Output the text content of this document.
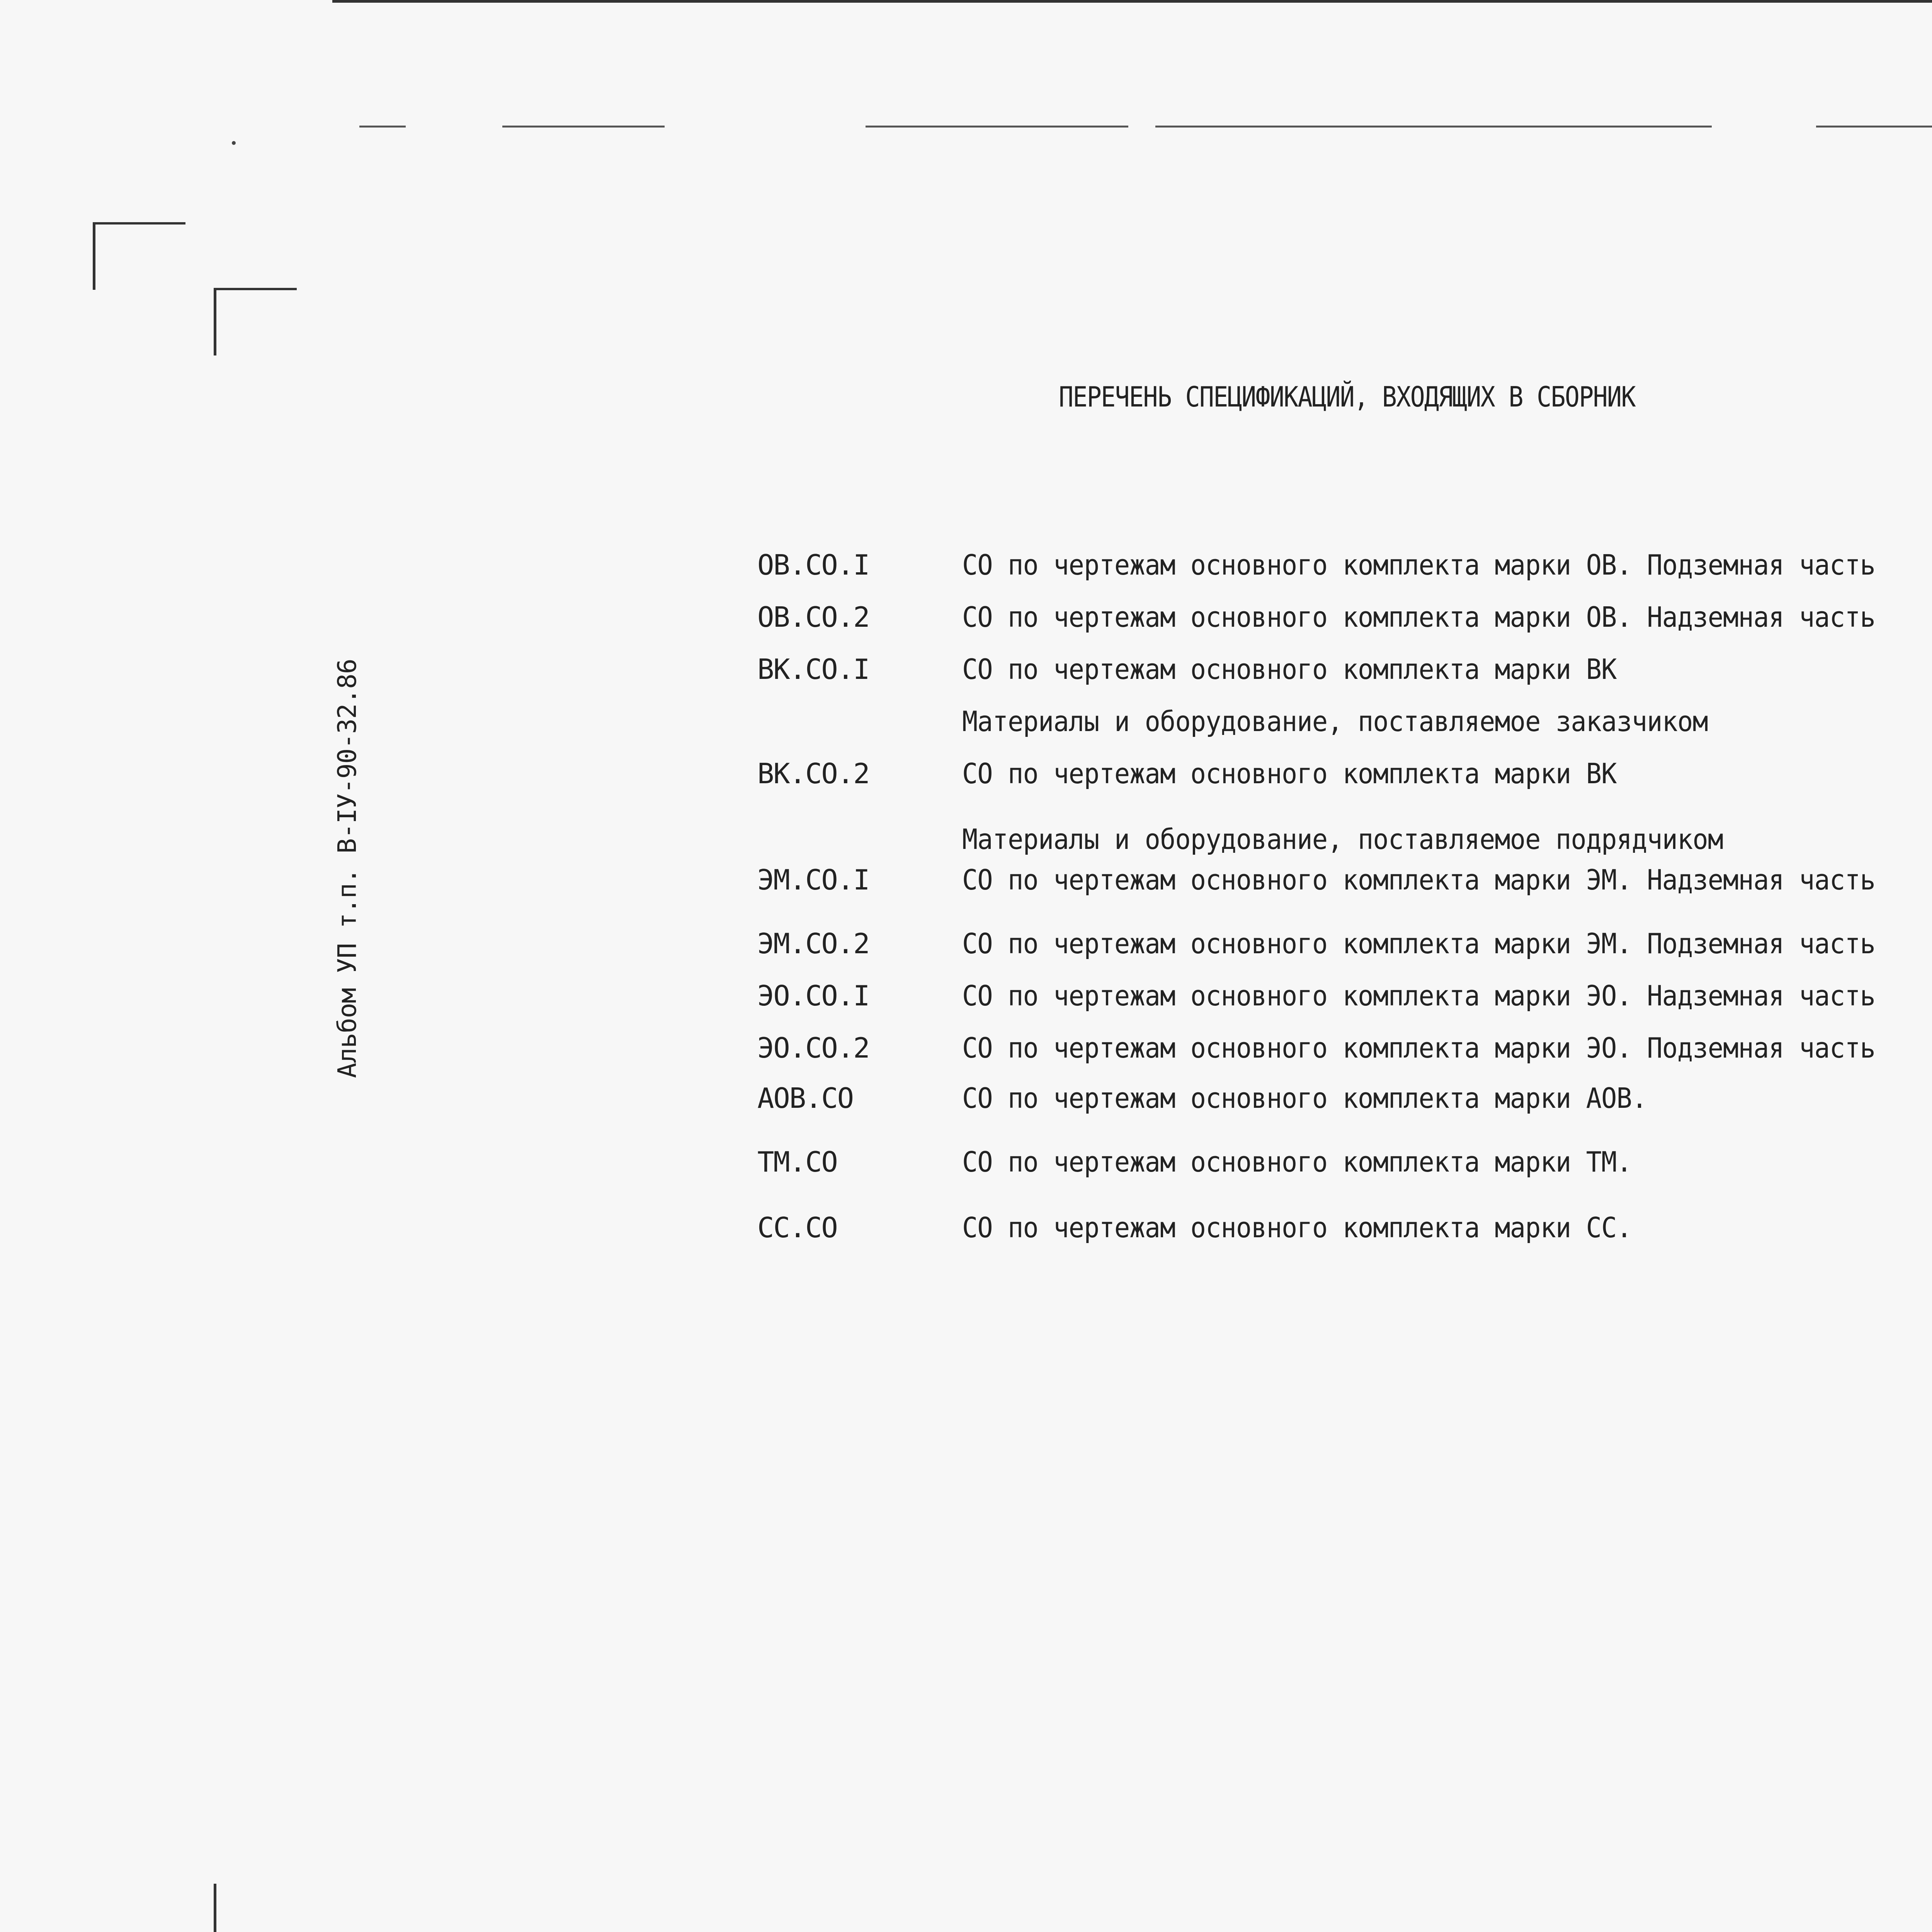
Альбом УП т.п. В-ІУ-90-32.86
ПЕРЕЧЕНЬ СПЕЦИФИКАЦИЙ, ВХОДЯЩИХ В СБОРНИК
ОВ.СО.I	СО по чертежам основного комплекта марки ОВ. Подземная часть
ОВ.СО.2	СО по чертежам основного комплекта марки ОВ. Надземная часть
ВК.СО.I	СО по чертежам основного комплекта марки ВК
Материалы и оборудование, поставляемое заказчиком
ВК.СО.2	СО по чертежам основного комплекта марки ВК
Материалы и оборудование, поставляемое подрядчиком
ЭМ.СО.I	СО по чертежам основного комплекта марки ЭМ. Надземная часть
ЭМ.СО.2	СО по чертежам основного комплекта марки ЭМ. Подземная часть
ЭО.СО.I	СО по чертежам основного комплекта марки ЭО. Надземная часть
ЭО.СО.2	СО по чертежам основного комплекта марки ЭО. Подземная часть
АОВ.СО	СО по чертежам основного комплекта марки АОВ.
ТМ.СО	СО по чертежам основного комплекта марки ТМ.
СС.СО	СО по чертежам основного комплекта марки СС.
